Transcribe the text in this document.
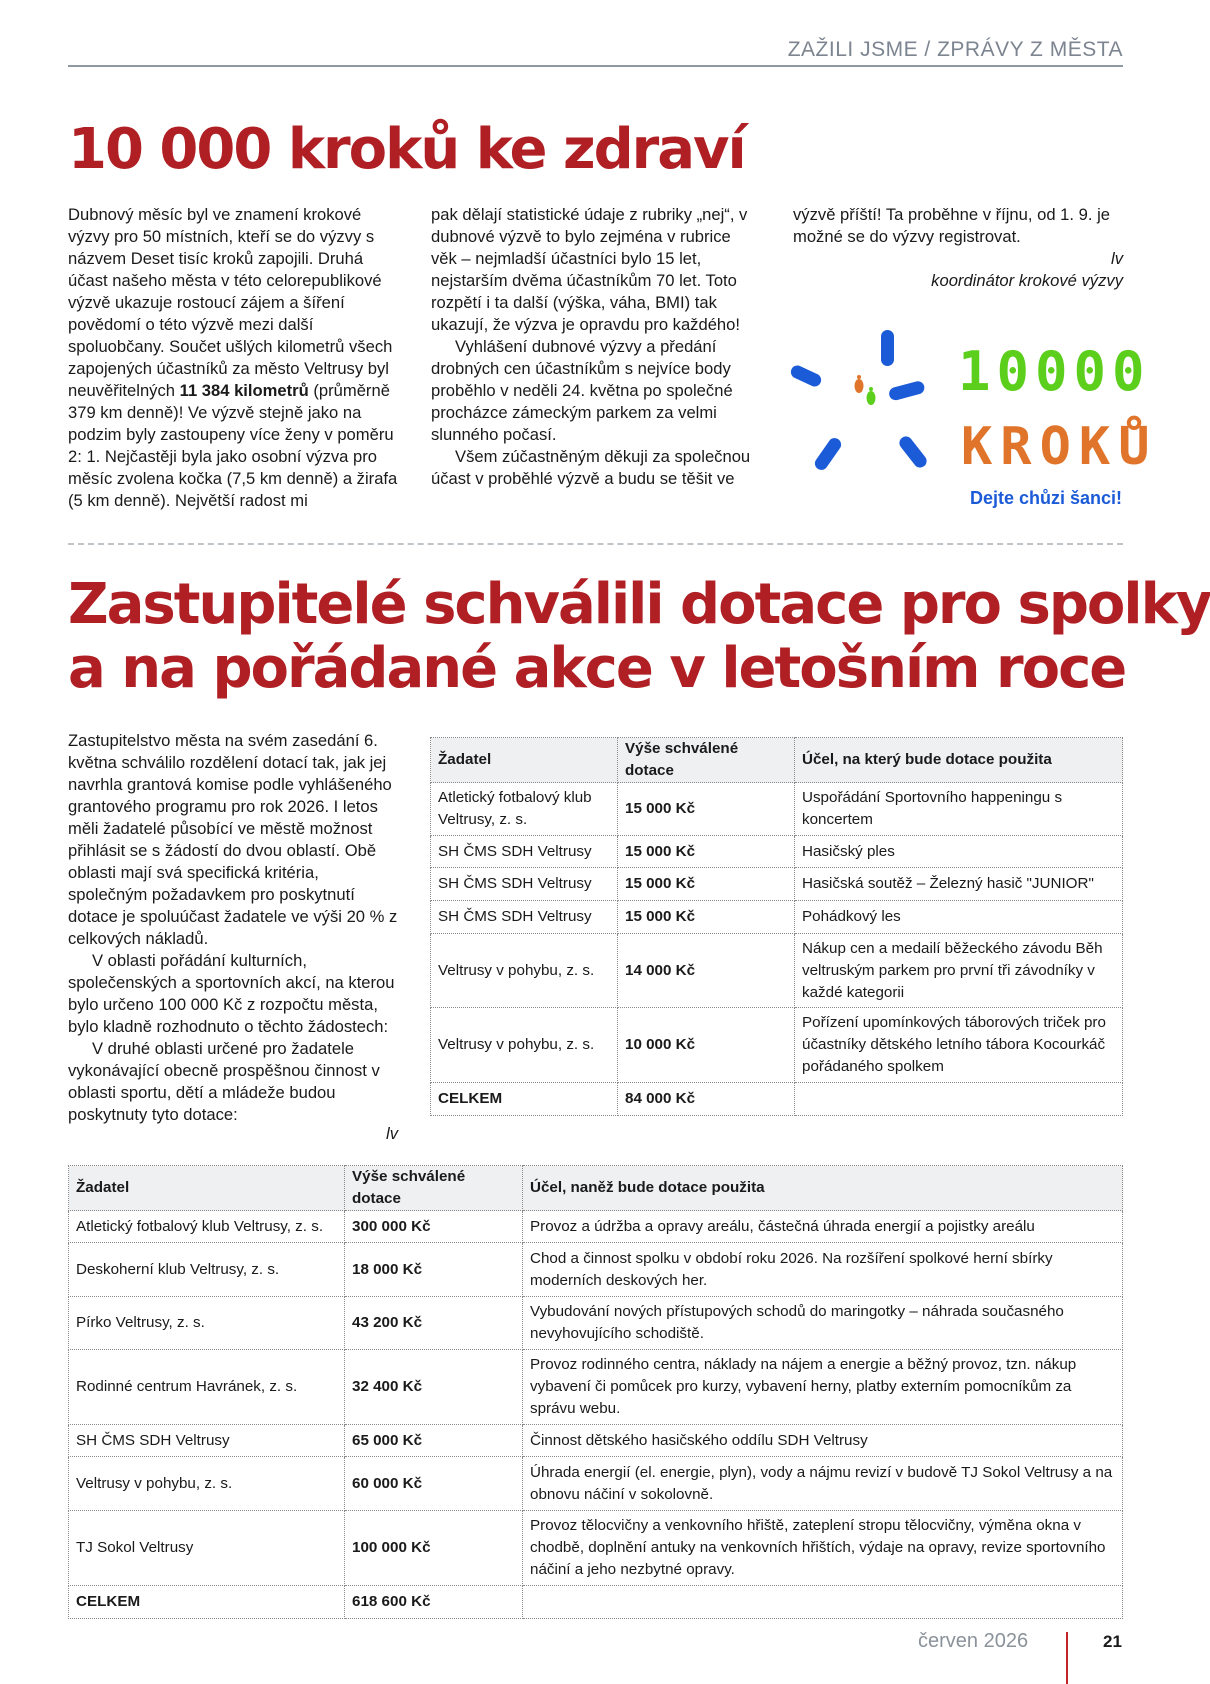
ZAŽILI JSME / ZPRÁVY Z MĚSTA
10 000 kroků ke zdraví

Dubnový měsíc byl ve znamení krokové výzvy pro 50 místních, kteří se do výzvy s názvem Deset tisíc kroků zapojili. Druhá účast našeho města v této celorepublikové výzvě ukazuje rostoucí zájem a šíření povědomí o této výzvě mezi další spoluobčany. Součet ušlých kilometrů všech zapojených účastníků za město Veltrusy byl neuvěřitelných 11 384 kilometrů (průměrně 379 km denně)! Ve výzvě stejně jako na podzim byly zastoupeny více ženy v poměru 2: 1. Nejčastěji byla jako osobní výzva pro měsíc zvolena kočka (7,5 km denně) a žirafa (5 km denně). Největší radost mi

pak dělají statistické údaje z rubriky „nej“, v dubnové výzvě to bylo zejména v rubrice věk – nejmladší účastníci bylo 15 let, nejstarším dvěma účastníkům 70 let. Toto rozpětí i ta další (výška, váha, BMI) tak ukazují, že výzva je opravdu pro každého!

Vyhlášení dubnové výzvy a předání drobných cen účastníkům s nejvíce body proběhlo v neděli 24. května po společné procházce zámeckým parkem za velmi slunného počasí.

Všem zúčastněným děkuji za společnou účast v proběhlé výzvě a budu se těšit ve

výzvě příští! Ta proběhne v říjnu, od 1. 9. je možné se do výzvy registrovat.

lv

koordinátor krokové výzvy

10000
KROKŮ
Dejte chůzi šanci!
Zastupitelé schválili dotace pro spolky
a na pořádané akce v letošním roce

Zastupitelstvo města na svém zasedání 6. května schválilo rozdělení dotací tak, jak jej navrhla grantová komise podle vyhlášeného grantového programu pro rok 2026. I letos měli žadatelé působící ve městě možnost přihlásit se s žádostí do dvou oblastí. Obě oblasti mají svá specifická kritéria, společným požadavkem pro poskytnutí dotace je spoluúčast žadatele ve výši 20 % z celkových nákladů.

V oblasti pořádání kulturních, společenských a sportovních akcí, na kterou bylo určeno 100 000 Kč z rozpočtu města, bylo kladně rozhodnuto o těchto žádostech:

V druhé oblasti určené pro žadatele vykonávající obecně prospěšnou činnost v oblasti sportu, dětí a mládeže budou poskytnuty tyto dotace:

lv
Žadatel	Výše schválené dotace	Účel, na který bude dotace použita
Atletický fotbalový klub Veltrusy, z. s.	15 000 Kč	Uspořádání Sportovního happeningu s koncertem
SH ČMS SDH Veltrusy	15 000 Kč	Hasičský ples
SH ČMS SDH Veltrusy	15 000 Kč	Hasičská soutěž – Železný hasič "JUNIOR"
SH ČMS SDH Veltrusy	15 000 Kč	Pohádkový les
Veltrusy v pohybu, z. s.	14 000 Kč	Nákup cen a medailí běžeckého závodu Běh veltruským parkem pro první tři závodníky v každé kategorii
Veltrusy v pohybu, z. s.	10 000 Kč	Pořízení upomínkových táborových triček pro účastníky dětského letního tábora Kocourkáč pořádaného spolkem
CELKEM	84 000 Kč	
Žadatel	Výše schválené dotace	Účel, naněž bude dotace použita
Atletický fotbalový klub Veltrusy, z. s.	300 000 Kč	Provoz a údržba a opravy areálu, částečná úhrada energií a pojistky areálu
Deskoherní klub Veltrusy, z. s.	18 000 Kč	Chod a činnost spolku v období roku 2026. Na rozšíření spolkové herní sbírky moderních deskových her.
Pírko Veltrusy, z. s.	43 200 Kč	Vybudování nových přístupových schodů do maringotky – náhrada současného nevyhovujícího schodiště.
Rodinné centrum Havránek, z. s.	32 400 Kč	Provoz rodinného centra, náklady na nájem a energie a běžný provoz, tzn. nákup vybavení či pomůcek pro kurzy, vybavení herny, platby externím pomocníkům za správu webu.
SH ČMS SDH Veltrusy	65 000 Kč	Činnost dětského hasičského oddílu SDH Veltrusy
Veltrusy v pohybu, z. s.	60 000 Kč	Úhrada energií (el. energie, plyn), vody a nájmu revizí v budově TJ Sokol Veltrusy a na obnovu náčiní v sokolovně.
TJ Sokol Veltrusy	100 000 Kč	Provoz tělocvičny a venkovního hřiště, zateplení stropu tělocvičny, výměna okna v chodbě, doplnění antuky na venkovních hřištích, výdaje na opravy, revize sportovního náčiní a jeho nezbytné opravy.
CELKEM	618 600 Kč	
červen 2026	21
